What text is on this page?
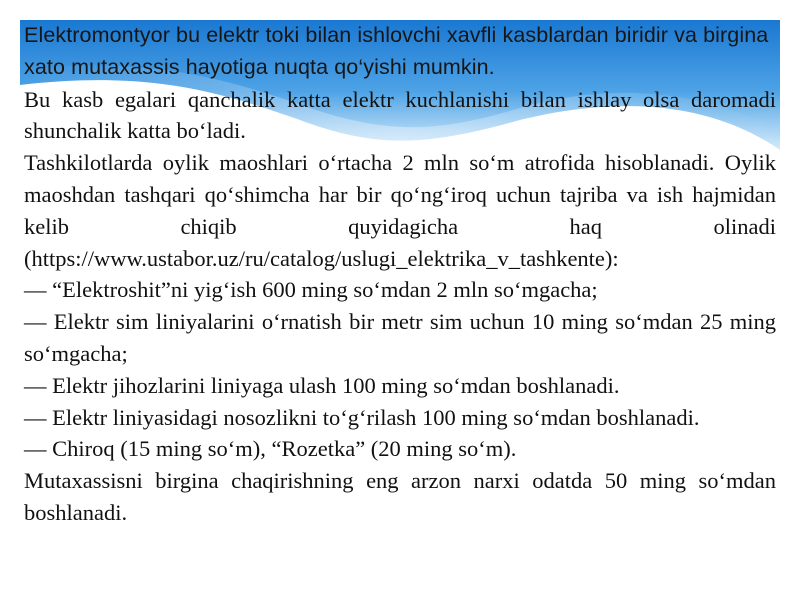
Elektromontyor bu elektr toki bilan ishlovchi xavfli kasblardan biridir va birgina xato mutaxassis hayotiga nuqta qo‘yishi mumkin.

Bu kasb egalari qanchalik katta elektr kuchlanishi bilan ishlay olsa daromadi shunchalik katta bo‘ladi.

Tashkilotlarda oylik maoshlari o‘rtacha 2 mln so‘m atrofida hisoblanadi. Oylik maoshdan tashqari qo‘shimcha har bir qo‘ng‘iroq uchun tajriba va ish hajmidan kelib chiqib quyidagicha haq olinadi (https://www.ustabor.uz/ru/catalog/uslugi_elektrika_v_tashkente):

— “Elektroshit”ni yig‘ish 600 ming so‘mdan 2 mln so‘mgacha;

— Elektr sim liniyalarini o‘rnatish bir metr sim uchun 10 ming so‘mdan 25 ming so‘mgacha;

— Elektr jihozlarini liniyaga ulash 100 ming so‘mdan boshlanadi.

— Elektr liniyasidagi nosozlikni to‘g‘rilash 100 ming so‘mdan boshlanadi.

— Chiroq (15 ming so‘m), “Rozetka” (20 ming so‘m).

Mutaxassisni birgina chaqirishning eng arzon narxi odatda 50 ming so‘mdan boshlanadi.
